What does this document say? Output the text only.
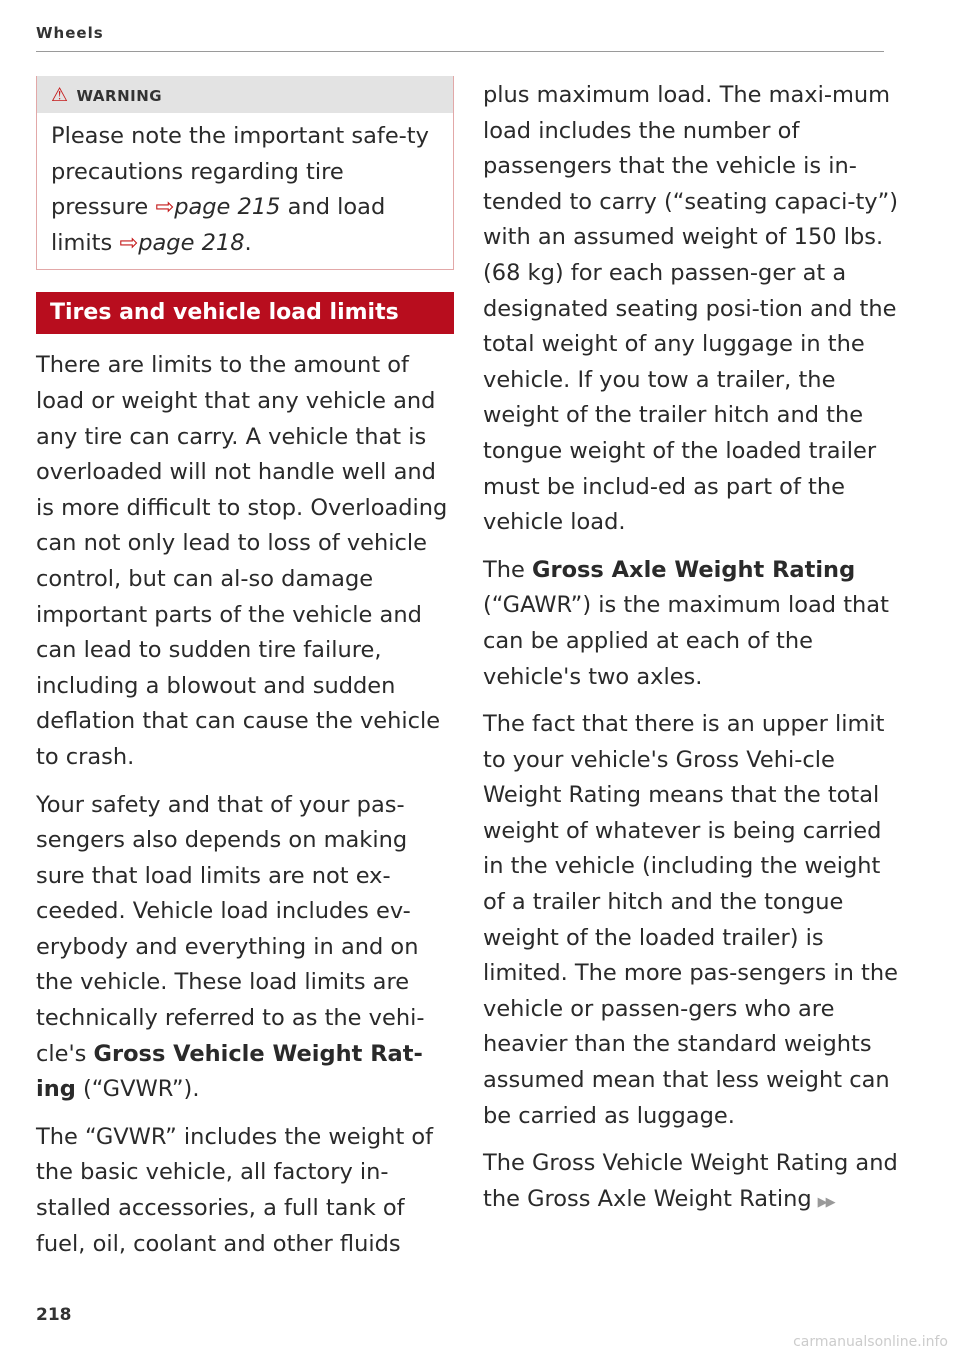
Wheels
⚠ WARNING
Please note the important safe-ty precautions regarding tire pressure ⇨page 215 and load limits ⇨page 218.
Tires and vehicle load limits

There are limits to the amount of load or weight that any vehicle and any tire can carry. A vehicle that is overloaded will not handle well and is more difficult to stop. Overloading can not only lead to loss of vehicle control, but can al-so damage important parts of the vehicle and can lead to sudden tire failure, including a blowout and sudden deflation that can cause the vehicle to crash.

Your safety and that of your pas-sengers also depends on making sure that load limits are not ex-ceeded. Vehicle load includes ev-erybody and everything in and on the vehicle. These load limits are technically referred to as the vehi-cle's Gross Vehicle Weight Rat-ing (“GVWR”).

The “GVWR” includes the weight of the basic vehicle, all factory in-stalled accessories, a full tank of fuel, oil, coolant and other fluids

plus maximum load. The maxi-mum load includes the number of passengers that the vehicle is in-tended to carry (“seating capaci-ty”) with an assumed weight of 150 lbs. (68 kg) for each passen-ger at a designated seating posi-tion and the total weight of any luggage in the vehicle. If you tow a trailer, the weight of the trailer hitch and the tongue weight of the loaded trailer must be includ-ed as part of the vehicle load.

The Gross Axle Weight Rating (“GAWR”) is the maximum load that can be applied at each of the vehicle's two axles.

The fact that there is an upper limit to your vehicle's Gross Vehi-cle Weight Rating means that the total weight of whatever is being carried in the vehicle (including the weight of a trailer hitch and the tongue weight of the loaded trailer) is limited. The more pas-sengers in the vehicle or passen-gers who are heavier than the standard weights assumed mean that less weight can be carried as luggage.

The Gross Vehicle Weight Rating and the Gross Axle Weight Rating ▶▶

218
carmanualsonline.info
